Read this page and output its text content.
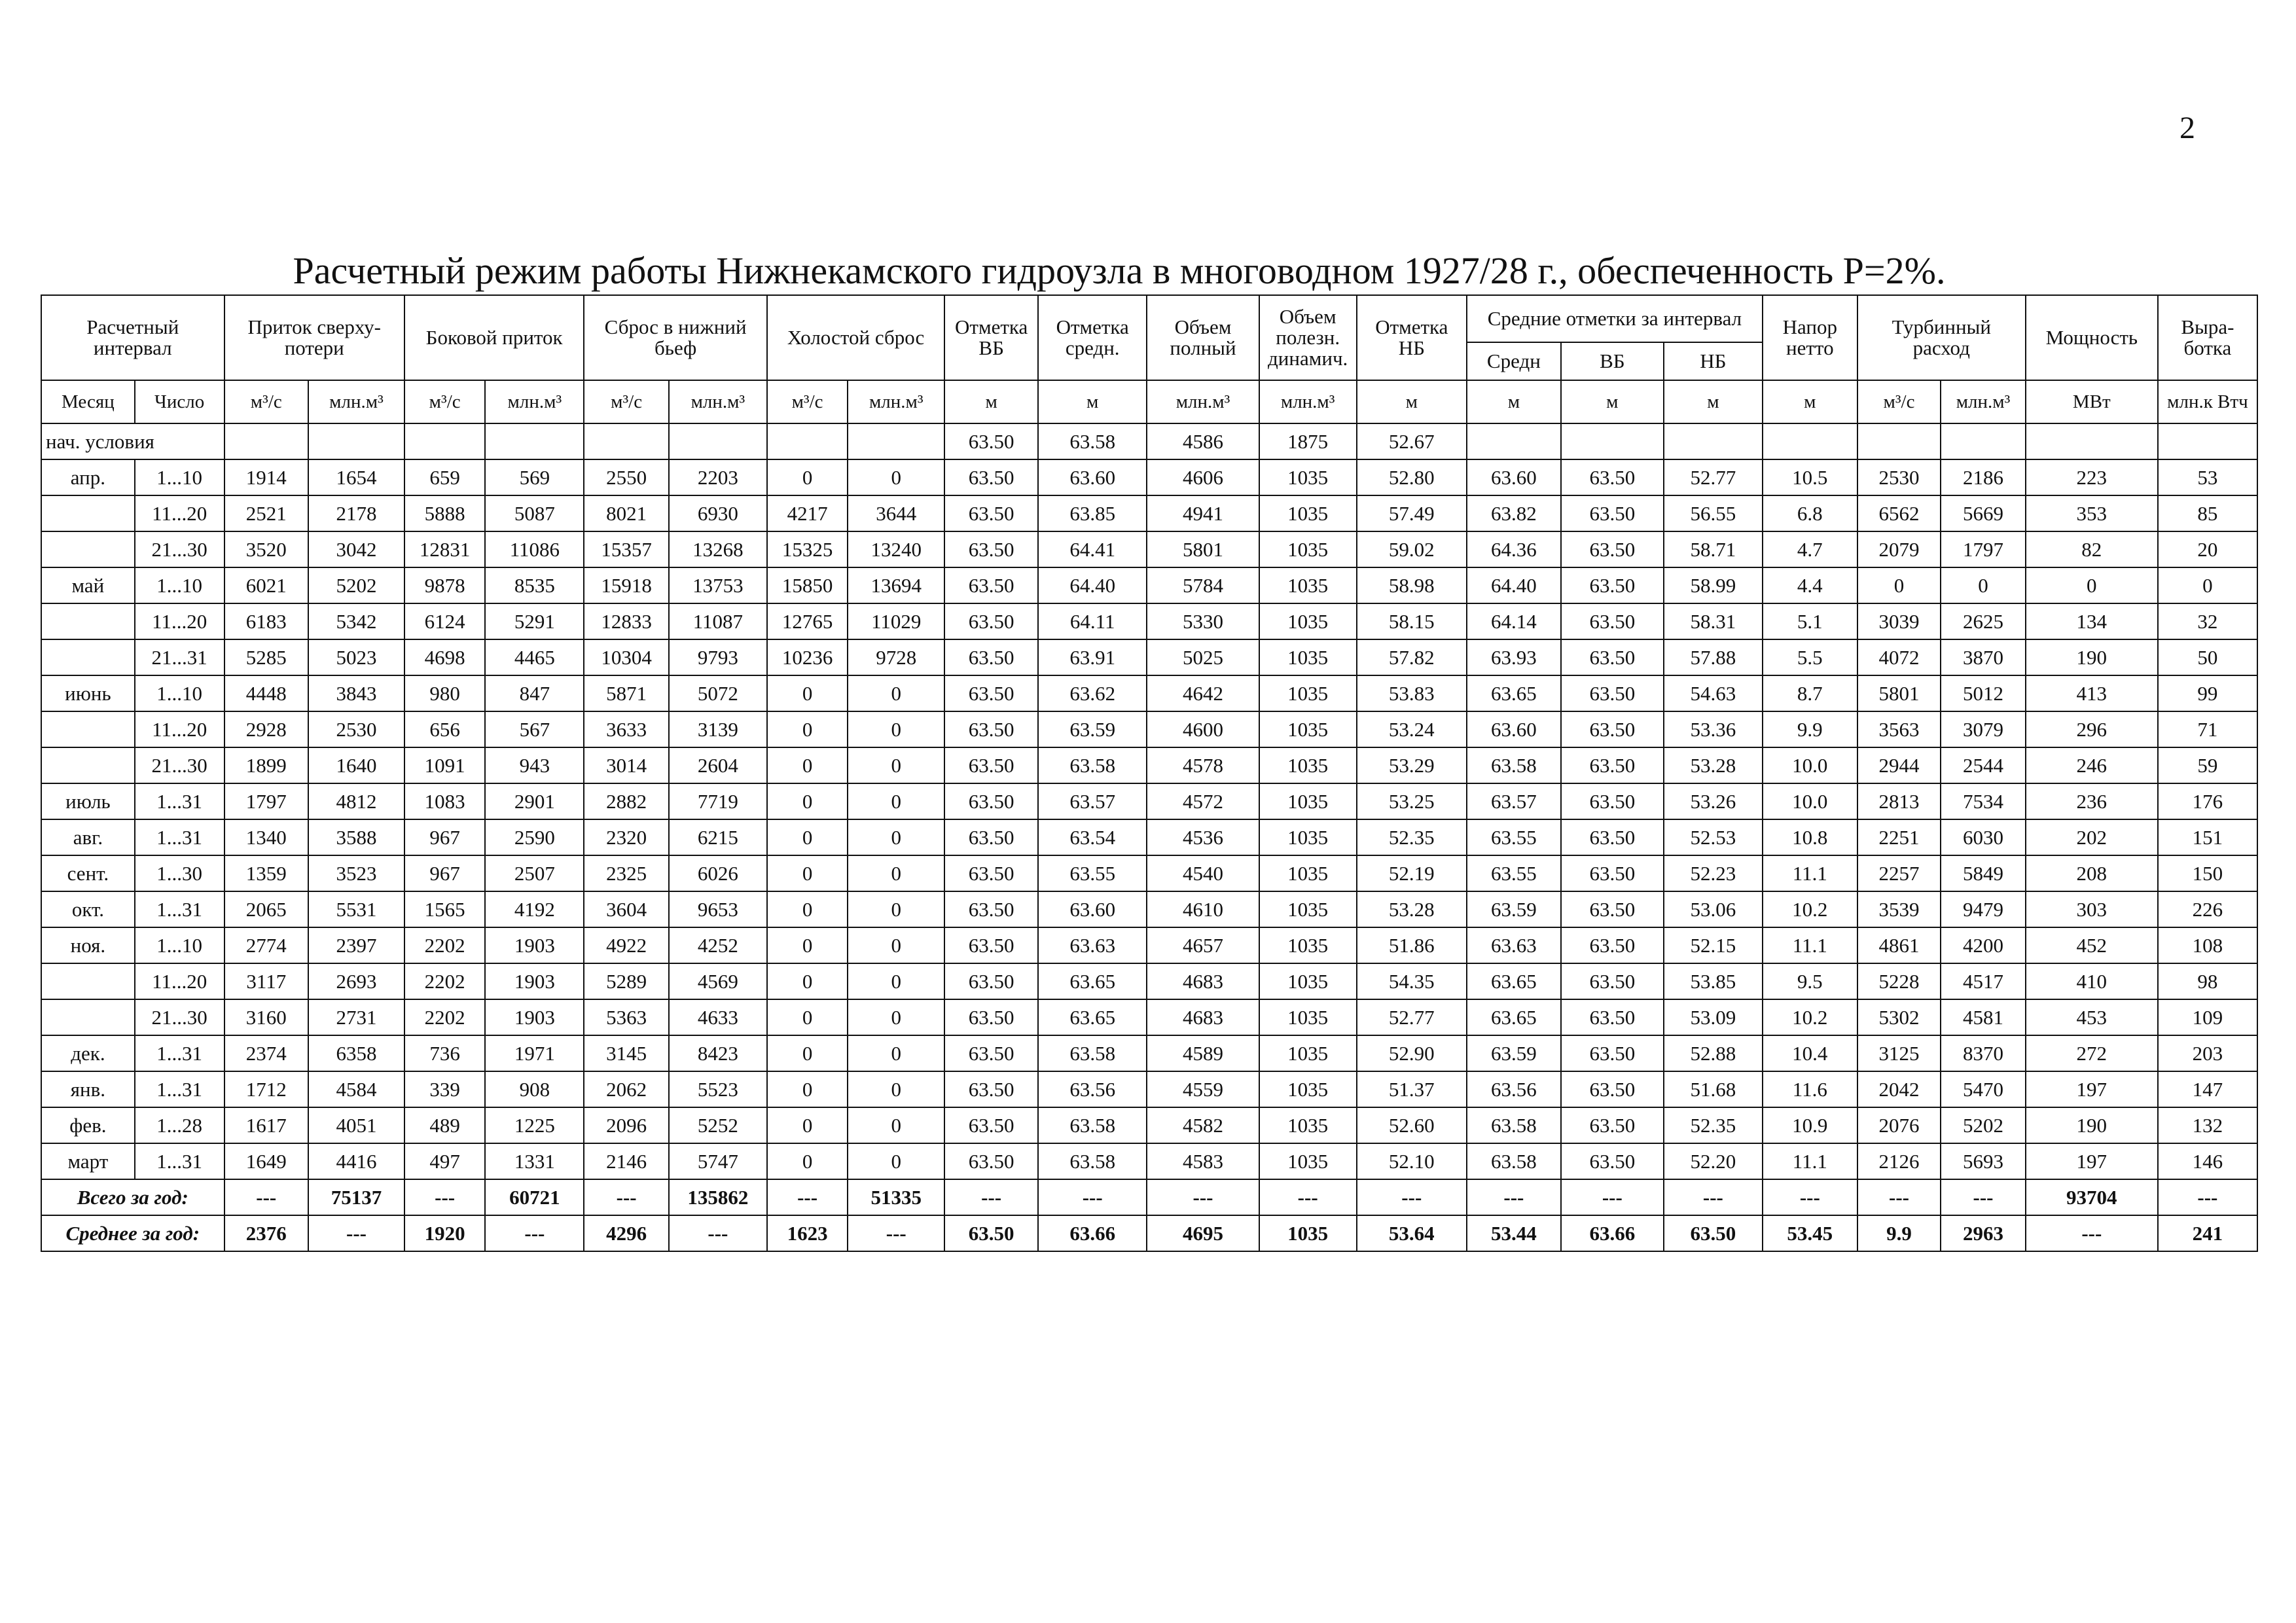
2
Расчетный режим работы Нижнекамского гидроузла в многоводном 1927/28 г., обеспеченность P=2%.
Расчетный интервал		Приток сверху-потери		Боковой приток		Сброс в нижний бьеф		Холостой сброс		Отметка ВБ	Отметка средн.	Объем полный	Объем полезн. динамич.	Отметка НБ	Средние отметки за интервал			Напор нетто	Турбинный расход		Мощность	Выра-ботка
															Средн	ВБ	НБ					
Месяц	Число	м³/с	млн.м³	м³/с	млн.м³	м³/с	млн.м³	м³/с	млн.м³	м	м	млн.м³	млн.м³	м	м	м	м	м	м³/с	млн.м³	МВт	млн.к Втч
нач. условия										63.50	63.58	4586	1875	52.67								
апр.	1...10	1914	1654	659	569	2550	2203	0	0	63.50	63.60	4606	1035	52.80	63.60	63.50	52.77	10.5	2530	2186	223	53
	11...20	2521	2178	5888	5087	8021	6930	4217	3644	63.50	63.85	4941	1035	57.49	63.82	63.50	56.55	6.8	6562	5669	353	85
	21...30	3520	3042	12831	11086	15357	13268	15325	13240	63.50	64.41	5801	1035	59.02	64.36	63.50	58.71	4.7	2079	1797	82	20
май	1...10	6021	5202	9878	8535	15918	13753	15850	13694	63.50	64.40	5784	1035	58.98	64.40	63.50	58.99	4.4	0	0	0	0
	11...20	6183	5342	6124	5291	12833	11087	12765	11029	63.50	64.11	5330	1035	58.15	64.14	63.50	58.31	5.1	3039	2625	134	32
	21...31	5285	5023	4698	4465	10304	9793	10236	9728	63.50	63.91	5025	1035	57.82	63.93	63.50	57.88	5.5	4072	3870	190	50
июнь	1...10	4448	3843	980	847	5871	5072	0	0	63.50	63.62	4642	1035	53.83	63.65	63.50	54.63	8.7	5801	5012	413	99
	11...20	2928	2530	656	567	3633	3139	0	0	63.50	63.59	4600	1035	53.24	63.60	63.50	53.36	9.9	3563	3079	296	71
	21...30	1899	1640	1091	943	3014	2604	0	0	63.50	63.58	4578	1035	53.29	63.58	63.50	53.28	10.0	2944	2544	246	59
июль	1...31	1797	4812	1083	2901	2882	7719	0	0	63.50	63.57	4572	1035	53.25	63.57	63.50	53.26	10.0	2813	7534	236	176
авг.	1...31	1340	3588	967	2590	2320	6215	0	0	63.50	63.54	4536	1035	52.35	63.55	63.50	52.53	10.8	2251	6030	202	151
сент.	1...30	1359	3523	967	2507	2325	6026	0	0	63.50	63.55	4540	1035	52.19	63.55	63.50	52.23	11.1	2257	5849	208	150
окт.	1...31	2065	5531	1565	4192	3604	9653	0	0	63.50	63.60	4610	1035	53.28	63.59	63.50	53.06	10.2	3539	9479	303	226
ноя.	1...10	2774	2397	2202	1903	4922	4252	0	0	63.50	63.63	4657	1035	51.86	63.63	63.50	52.15	11.1	4861	4200	452	108
	11...20	3117	2693	2202	1903	5289	4569	0	0	63.50	63.65	4683	1035	54.35	63.65	63.50	53.85	9.5	5228	4517	410	98
	21...30	3160	2731	2202	1903	5363	4633	0	0	63.50	63.65	4683	1035	52.77	63.65	63.50	53.09	10.2	5302	4581	453	109
дек.	1...31	2374	6358	736	1971	3145	8423	0	0	63.50	63.58	4589	1035	52.90	63.59	63.50	52.88	10.4	3125	8370	272	203
янв.	1...31	1712	4584	339	908	2062	5523	0	0	63.50	63.56	4559	1035	51.37	63.56	63.50	51.68	11.6	2042	5470	197	147
фев.	1...28	1617	4051	489	1225	2096	5252	0	0	63.50	63.58	4582	1035	52.60	63.58	63.50	52.35	10.9	2076	5202	190	132
март	1...31	1649	4416	497	1331	2146	5747	0	0	63.50	63.58	4583	1035	52.10	63.58	63.50	52.20	11.1	2126	5693	197	146
Всего за год:		---	75137	---	60721	---	135862	---	51335	---	---	---	---	---	---	---	---	---	---	---	93704	---
Среднее за год:		2376	---	1920	---	4296	---	1623	---	63.50	63.66	4695	1035	53.64	53.44	63.66	63.50	53.45	9.9	2963	---	241
